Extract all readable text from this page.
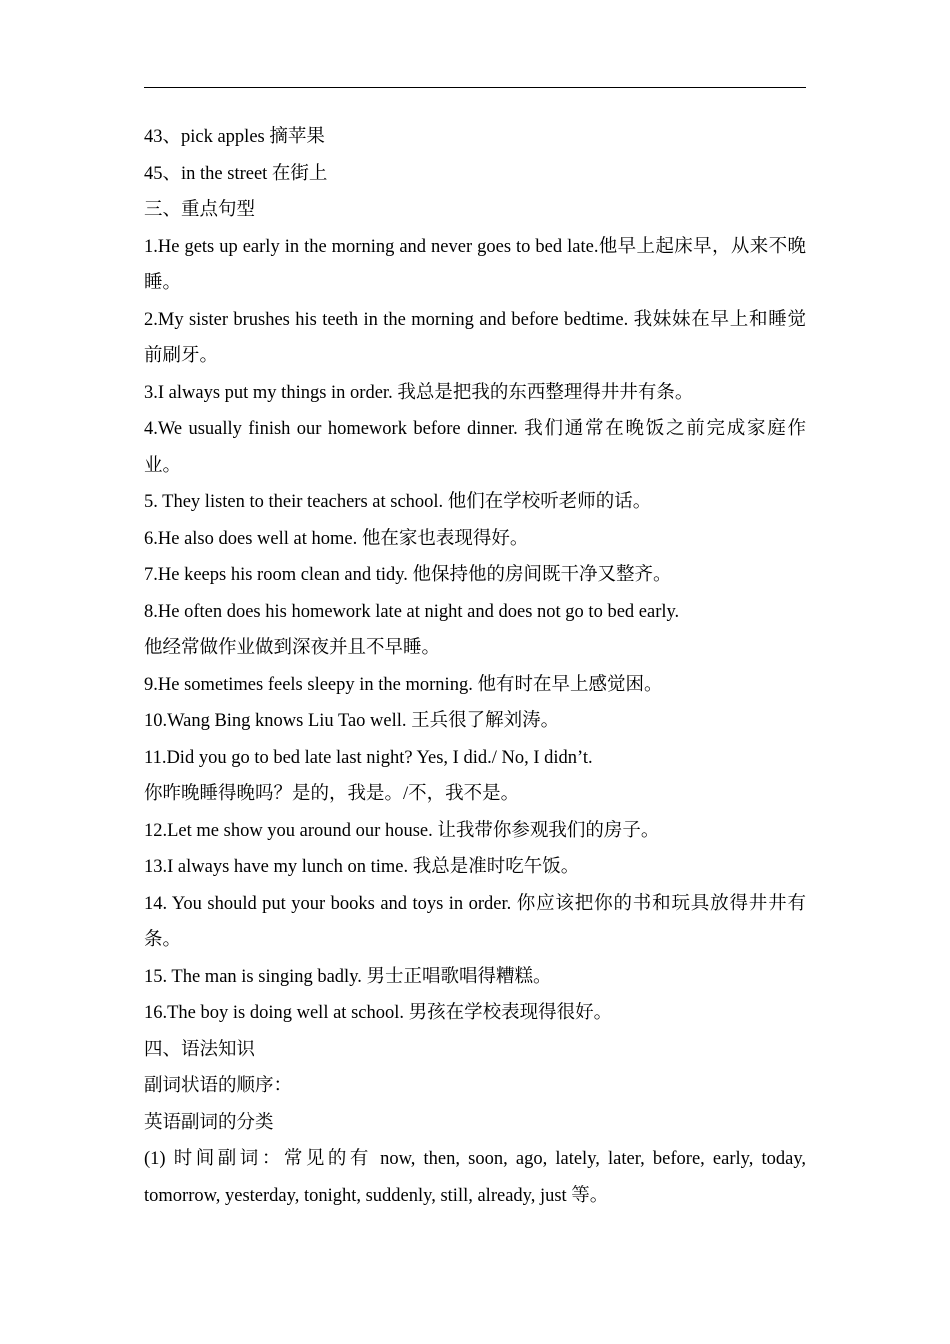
43、pick apples 摘苹果
45、in the street 在街上
三、重点句型
1.He gets up early in the morning and never goes to bed late.他早上起床早，从来不晚睡。
2.My sister brushes his teeth in the morning and before bedtime. 我妹妹在早上和睡觉前刷牙。
3.I always put my things in order. 我总是把我的东西整理得井井有条。
4.We usually finish our homework before dinner. 我们通常在晚饭之前完成家庭作业。
5. They listen to their teachers at school. 他们在学校听老师的话。
6.He also does well at home. 他在家也表现得好。
7.He keeps his room clean and tidy. 他保持他的房间既干净又整齐。
8.He often does his homework late at night and does not go to bed early.
他经常做作业做到深夜并且不早睡。
9.He sometimes feels sleepy in the morning. 他有时在早上感觉困。
10.Wang Bing knows Liu Tao well. 王兵很了解刘涛。
11.Did you go to bed late last night? Yes, I did./ No, I didn’t.
你昨晚睡得晚吗？是的，我是。/不，我不是。
12.Let me show you around our house. 让我带你参观我们的房子。
13.I always have my lunch on time. 我总是准时吃午饭。
14. You should put your books and toys in order. 你应该把你的书和玩具放得井井有条。
15. The man is singing badly. 男士正唱歌唱得糟糕。
16.The boy is doing well at school. 男孩在学校表现得很好。
四、语法知识
副词状语的顺序：
英语副词的分类
(1) 时间副词：常见的有 now, then, soon, ago, lately, later, before, early, today, tomorrow, yesterday, tonight, suddenly, still, already, just 等。
